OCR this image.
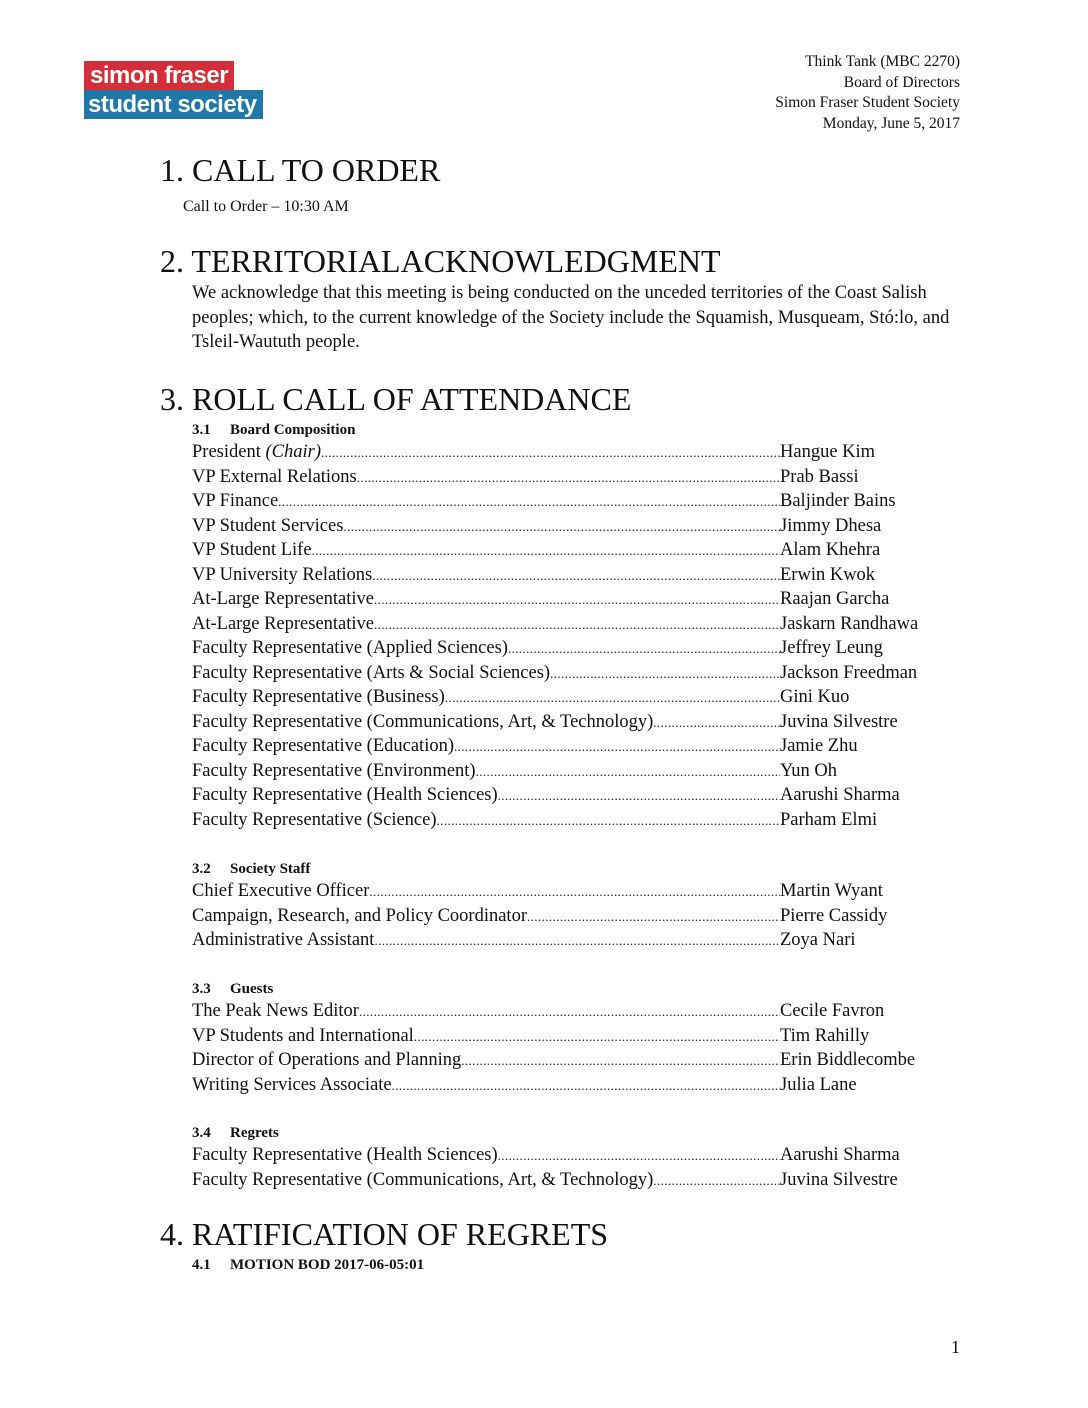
simon fraser
student society
Think Tank (MBC 2270)
Board of Directors
Simon Fraser Student Society
Monday, June 5, 2017
1. CALL TO ORDER
Call to Order – 10:30 AM
2. TERRITORIALACKNOWLEDGMENT
We acknowledge that this meeting is being conducted on the unceded territories of the Coast Salish peoples; which, to the current knowledge of the Society include the Squamish, Musqueam, Stó:lo, and Tsleil-Waututh people.
3. ROLL CALL OF ATTENDANCE
3.1 Board Composition
President (Chair) .....	Hangue Kim
VP External Relations .....	Prab Bassi
VP Finance .....	Baljinder Bains
VP Student Services .....	Jimmy Dhesa
VP Student Life .....	Alam Khehra
VP University Relations .....	Erwin Kwok
At-Large Representative .....	Raajan Garcha
At-Large Representative .....	Jaskarn Randhawa
Faculty Representative (Applied Sciences) .....	Jeffrey Leung
Faculty Representative (Arts & Social Sciences) .....	Jackson Freedman
Faculty Representative (Business) .....	Gini Kuo
Faculty Representative (Communications, Art, & Technology) .....	Juvina Silvestre
Faculty Representative (Education) .....	Jamie Zhu
Faculty Representative (Environment) .....	Yun Oh
Faculty Representative (Health Sciences) .....	Aarushi Sharma
Faculty Representative (Science) .....	Parham Elmi
3.2 Society Staff
Chief Executive Officer .....	Martin Wyant
Campaign, Research, and Policy Coordinator .....	Pierre Cassidy
Administrative Assistant .....	Zoya Nari
3.3 Guests
The Peak News Editor .....	Cecile Favron
VP Students and International .....	Tim Rahilly
Director of Operations and Planning .....	Erin Biddlecombe
Writing Services Associate .....	Julia Lane
3.4 Regrets
Faculty Representative (Health Sciences) .....	Aarushi Sharma
Faculty Representative (Communications, Art, & Technology) .....	Juvina Silvestre
4. RATIFICATION OF REGRETS
4.1 MOTION BOD 2017-06-05:01
1
